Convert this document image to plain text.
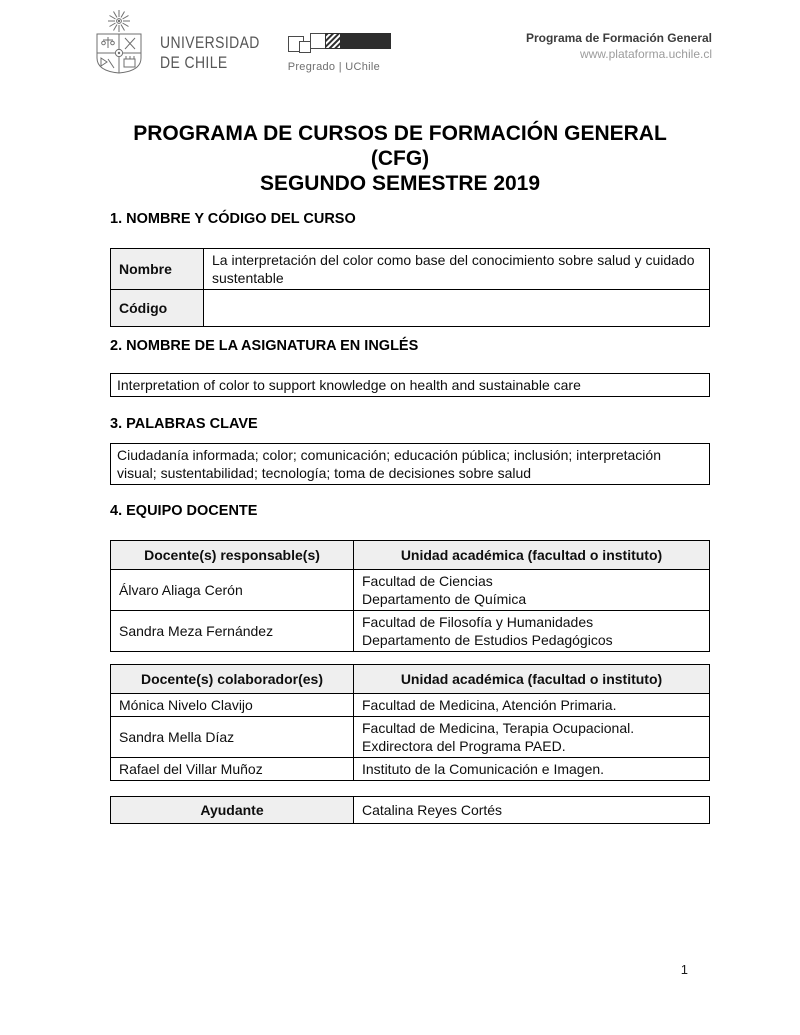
UNIVERSIDAD
DE CHILE	Pregrado | UChile
Programa de Formación General
www.plataforma.uchile.cl
PROGRAMA DE CURSOS DE FORMACIÓN GENERAL
(CFG)
SEGUNDO SEMESTRE 2019
1. NOMBRE Y CÓDIGO DEL CURSO
Nombre	La interpretación del color como base del conocimiento sobre salud y cuidado sustentable
Código	
2. NOMBRE DE LA ASIGNATURA EN INGLÉS
Interpretation of color to support knowledge on health and sustainable care
3. PALABRAS CLAVE
Ciudadanía informada; color; comunicación; educación pública; inclusión; interpretación visual; sustentabilidad; tecnología; toma de decisiones sobre salud
4. EQUIPO DOCENTE
Docente(s) responsable(s)	Unidad académica (facultad o instituto)
Álvaro Aliaga Cerón	Facultad de Ciencias
Departamento de Química

Sandra Meza Fernández	Facultad de Filosofía y Humanidades
Departamento de Estudios Pedagógicos
Docente(s) colaborador(es)	Unidad académica (facultad o instituto)
Mónica Nivelo Clavijo	Facultad de Medicina, Atención Primaria.

Sandra Mella Díaz	Facultad de Medicina, Terapia Ocupacional.
Exdirectora del Programa PAED.

Rafael del Villar Muñoz	Instituto de la Comunicación e Imagen.
Ayudante	Catalina Reyes Cortés
1
